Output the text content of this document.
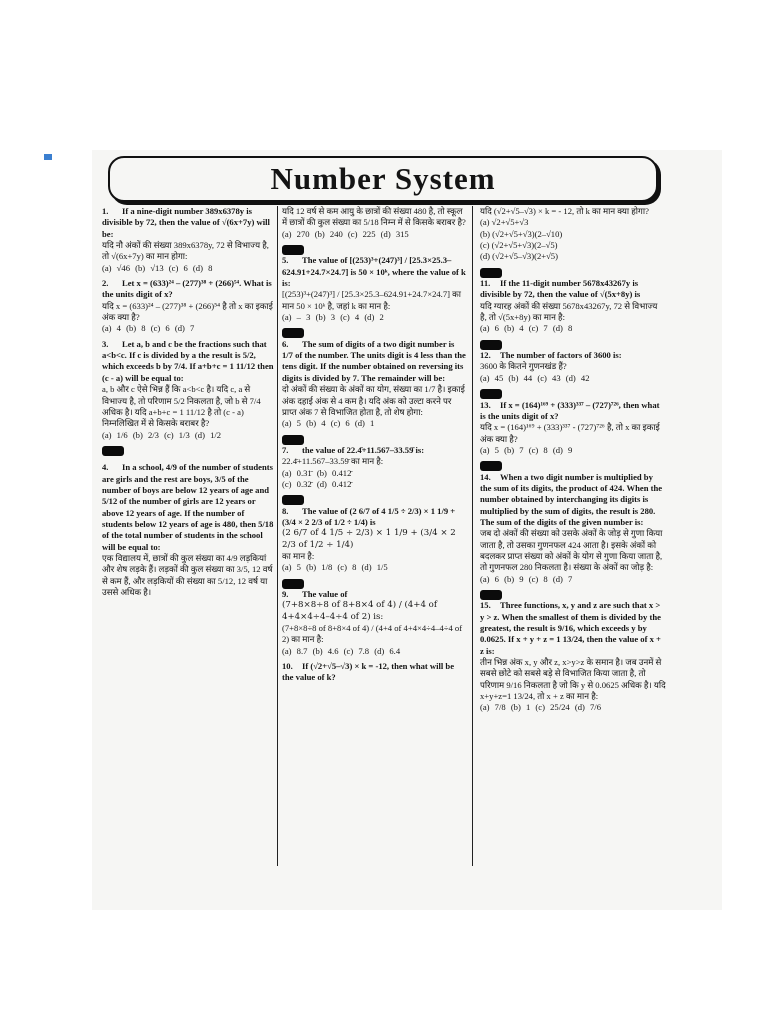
Number System
1. If a nine-digit number 389x6378y is divisible by 72, then the value of √(6x+7y) will be:

यदि नौ अंकों की संख्या 389x6378y, 72 से विभाज्य है, तो √(6x+7y) का मान होगा:

(a) √46 (b) √13 (c) 6 (d) 8

2. Let x = (633)²⁴ – (277)³⁸ + (266)⁵⁴. What is the units digit of x?

यदि x = (633)²⁴ – (277)³⁸ + (266)⁵⁴ है तो x का इकाई अंक क्या है?

(a) 4 (b) 8 (c) 6 (d) 7

3. Let a, b and c be the fractions such that a<b<c. If c is divided by a the result is 5/2, which exceeds b by 7/4. If a+b+c = 1 11/12 then (c - a) will be equal to:

a, b और c ऐसे भिन्न हैं कि a<b<c है। यदि c, a से विभाज्य है, तो परिणाम 5/2 निकलता है, जो b से 7/4 अधिक है। यदि a+b+c = 1 11/12 है तो (c - a) निम्नलिखित में से किसके बराबर है?

(a) 1/6 (b) 2/3 (c) 1/3 (d) 1/2

4. In a school, 4/9 of the number of students are girls and the rest are boys, 3/5 of the number of boys are below 12 years of age and 5/12 of the number of girls are 12 years or above 12 years of age. If the number of students below 12 years of age is 480, then 5/18 of the total number of students in the school will be equal to:

एक विद्यालय में, छात्रों की कुल संख्या का 4/9 लड़कियां और शेष लड़के हैं। लड़कों की कुल संख्या का 3/5, 12 वर्ष से कम हैं, और लड़कियों की संख्या का 5/12, 12 वर्ष या उससे अधिक है।

यदि 12 वर्ष से कम आयु के छात्रों की संख्या 480 है, तो स्कूल में छात्रों की कुल संख्या का 5/18 निम्न में से किसके बराबर है?

(a) 270 (b) 240 (c) 225 (d) 315

5. The value of [(253)³+(247)³] / [25.3×25.3–624.91+24.7×24.7] is 50 × 10ᵏ, where the value of k is:

[(253)³+(247)³] / [25.3×25.3–624.91+24.7×24.7] का मान 50 × 10ᵏ है, जहां k का मान है:

(a) – 3 (b) 3 (c) 4 (d) 2

6. The sum of digits of a two digit number is 1/7 of the number. The units digit is 4 less than the tens digit. If the number obtained on reversing its digits is divided by 7. The remainder will be:

दो अंकों की संख्या के अंकों का योग, संख्या का 1/7 है। इकाई अंक दहाई अंक से 4 कम है। यदि अंक को उल्टा करने पर प्राप्त अंक 7 से विभाजित होता है, तो शेष होगा:

(a) 5 (b) 4 (c) 6 (d) 1

7. the value of 22.4̄+11.567–33.59̄ is:

22.4̄+11.567–33.59̄ का मान है:

(a) 0.31̄ (b) 0.412̄

(c) 0.32̄ (d) 0.412̄

8. The value of (2 6/7 of 4 1/5 ÷ 2/3) × 1 1/9 + (3/4 × 2 2/3 of 1/2 ÷ 1/4) is

(2 6/7 of 4 1/5 ÷ 2/3) × 1 1/9 + (3/4 × 2 2/3 of 1/2 ÷ 1/4)

का मान है:

(a) 5 (b) 1/8 (c) 8 (d) 1/5

9. The value of

(7+8×8÷8 of 8+8×4 of 4) / (4+4 of 4+4×4÷4–4÷4 of 2) is:

(7+8×8÷8 of 8+8×4 of 4) / (4+4 of 4+4×4÷4–4÷4 of 2) का मान है:

(a) 8.7 (b) 4.6 (c) 7.8 (d) 6.4

10. If (√2+√5–√3) × k = -12, then what will be the value of k?

यदि (√2+√5–√3) × k = - 12, तो k का मान क्या होगा?

(a) √2+√5+√3

(b) (√2+√5+√3)(2–√10)

(c) (√2+√5+√3)(2–√5)

(d) (√2+√5–√3)(2+√5)

11. If the 11-digit number 5678x43267y is divisible by 72, then the value of √(5x+8y) is

यदि ग्यारह अंकों की संख्या 5678x43267y, 72 से विभाज्य है, तो √(5x+8y) का मान है:

(a) 6 (b) 4 (c) 7 (d) 8

12. The number of factors of 3600 is:

3600 के कितने गुणनखंड हैं?

(a) 45 (b) 44 (c) 43 (d) 42

13. If x = (164)¹⁶⁹ + (333)³³⁷ – (727)⁷²⁶, then what is the units digit of x?

यदि x = (164)¹⁶⁹ + (333)³³⁷ - (727)⁷²⁶ है, तो x का इकाई अंक क्या है?

(a) 5 (b) 7 (c) 8 (d) 9

14. When a two digit number is multiplied by the sum of its digits, the product of 424. When the number obtained by interchanging its digits is multiplied by the sum of digits, the result is 280. The sum of the digits of the given number is:

जब दो अंकों की संख्या को उसके अंकों के जोड़ से गुणा किया जाता है, तो उसका गुणनफल 424 आता है। इसके अंकों को बदलकर प्राप्त संख्या को अंकों के योग से गुणा किया जाता है, तो गुणनफल 280 निकलता है। संख्या के अंकों का जोड़ है:

(a) 6 (b) 9 (c) 8 (d) 7

15. Three functions, x, y and z are such that x > y > z. When the smallest of them is divided by the greatest, the result is 9/16, which exceeds y by 0.0625. If x + y + z = 1 13/24, then the value of x + z is:

तीन भिन्न अंक x, y और z, x>y>z के समान है। जब उनमें से सबसे छोटे को सबसे बड़े से विभाजित किया जाता है, तो परिणाम 9/16 निकलता है जो कि y से 0.0625 अधिक है। यदि x+y+z=1 13/24, तो x + z का मान है:

(a) 7/8 (b) 1 (c) 25/24 (d) 7/6
